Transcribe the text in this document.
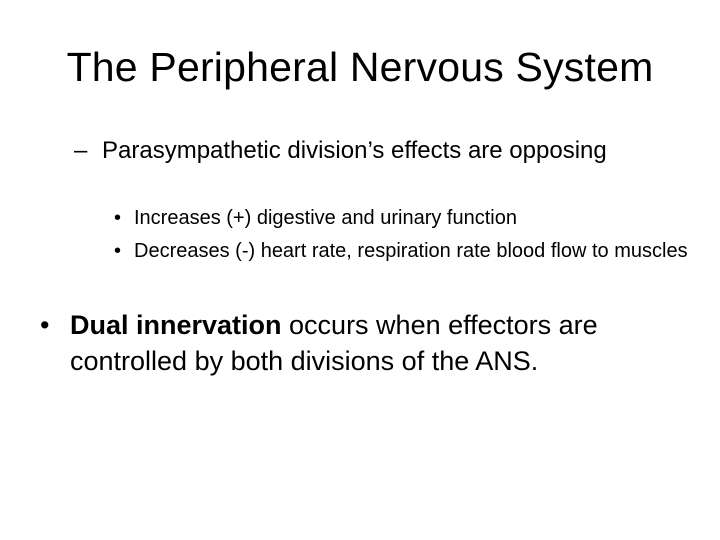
The Peripheral Nervous System
– Parasympathetic division’s effects are opposing
• Increases (+) digestive and urinary function
• Decreases (-) heart rate, respiration rate blood flow to muscles
• Dual innervation occurs when effectors are controlled by both divisions of the ANS.
